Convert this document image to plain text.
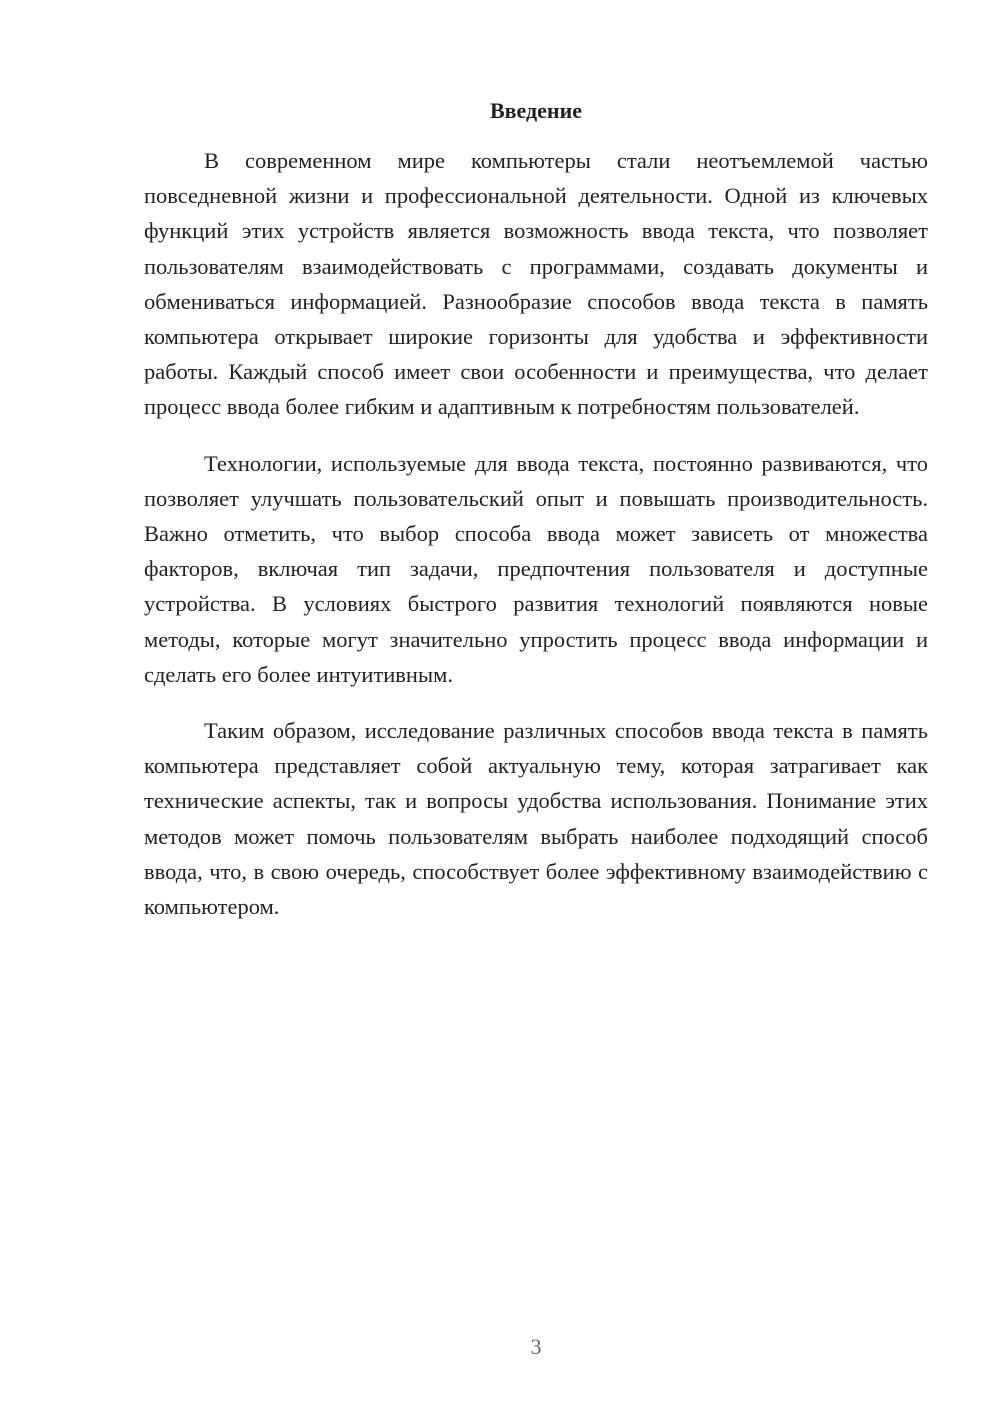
Введение

В современном мире компьютеры стали неотъемлемой частью повседневной жизни и профессиональной деятельности. Одной из ключевых функций этих устройств является возможность ввода текста, что позволяет пользователям взаимодействовать с программами, создавать документы и обмениваться информацией. Разнообразие способов ввода текста в память компьютера открывает широкие горизонты для удобства и эффективности работы. Каждый способ имеет свои особенности и преимущества, что делает процесс ввода более гибким и адаптивным к потребностям пользователей.

Технологии, используемые для ввода текста, постоянно развиваются, что позволяет улучшать пользовательский опыт и повышать производительность. Важно отметить, что выбор способа ввода может зависеть от множества факторов, включая тип задачи, предпочтения пользователя и доступные устройства. В условиях быстрого развития технологий появляются новые методы, которые могут значительно упростить процесс ввода информации и сделать его более интуитивным.

Таким образом, исследование различных способов ввода текста в память компьютера представляет собой актуальную тему, которая затрагивает как технические аспекты, так и вопросы удобства использования. Понимание этих методов может помочь пользователям выбрать наиболее подходящий способ ввода, что, в свою очередь, способствует более эффективному взаимодействию с компьютером.

3
